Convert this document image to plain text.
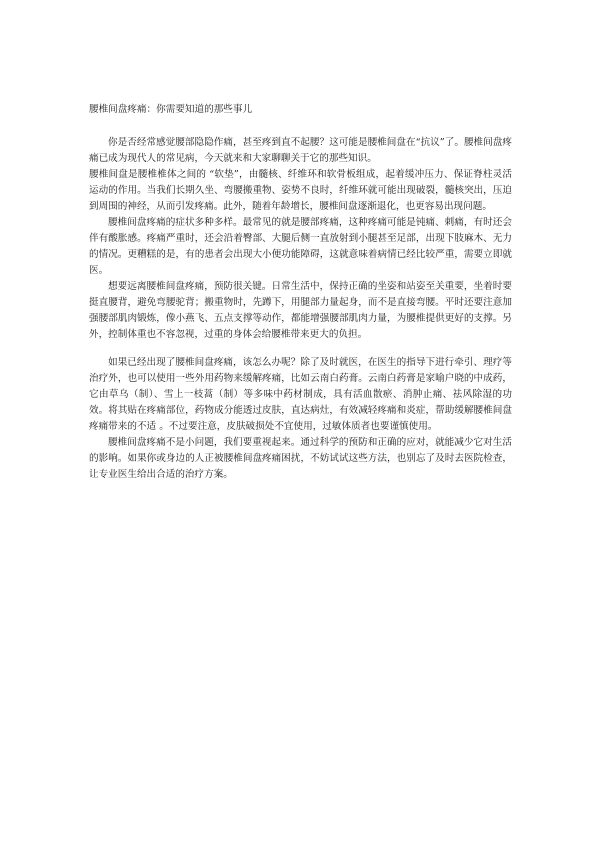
腰椎间盘疼痛：你需要知道的那些事儿

你是否经常感觉腰部隐隐作痛，甚至疼到直不起腰？这可能是腰椎间盘在“抗议”了。腰椎间盘疼痛已成为现代人的常见病，今天就来和大家聊聊关于它的那些知识。

腰椎间盘是腰椎椎体之间的 “软垫”，由髓核、纤维环和软骨板组成，起着缓冲压力、保证脊柱灵活运动的作用。当我们长期久坐、弯腰搬重物、姿势不良时，纤维环就可能出现破裂，髓核突出，压迫到周围的神经，从而引发疼痛。此外，随着年龄增长，腰椎间盘逐渐退化，也更容易出现问题。

腰椎间盘疼痛的症状多种多样。最常见的就是腰部疼痛，这种疼痛可能是钝痛、刺痛，有时还会伴有酸胀感。疼痛严重时，还会沿着臀部、大腿后侧一直放射到小腿甚至足部，出现下肢麻木、无力的情况。更糟糕的是，有的患者会出现大小便功能障碍，这就意味着病情已经比较严重，需要立即就医。

想要远离腰椎间盘疼痛，预防很关键。日常生活中，保持正确的坐姿和站姿至关重要，坐着时要挺直腰背，避免弯腰驼背；搬重物时，先蹲下，用腿部力量起身，而不是直接弯腰。平时还要注意加强腰部肌肉锻炼，像小燕飞、五点支撑等动作，都能增强腰部肌肉力量，为腰椎提供更好的支撑。另外，控制体重也不容忽视，过重的身体会给腰椎带来更大的负担。

如果已经出现了腰椎间盘疼痛，该怎么办呢？除了及时就医，在医生的指导下进行牵引、理疗等治疗外，也可以使用一些外用药物来缓解疼痛，比如云南白药膏。云南白药膏是家喻户晓的中成药，它由草乌（制）、雪上一枝蒿（制）等多味中药材制成，具有活血散瘀、消肿止痛、祛风除湿的功效。将其贴在疼痛部位，药物成分能透过皮肤，直达病灶，有效减轻疼痛和炎症，帮助缓解腰椎间盘疼痛带来的不适 。不过要注意，皮肤破损处不宜使用，过敏体质者也要谨慎使用。

腰椎间盘疼痛不是小问题，我们要重视起来。通过科学的预防和正确的应对，就能减少它对生活的影响。如果你或身边的人正被腰椎间盘疼痛困扰，不妨试试这些方法，也别忘了及时去医院检查，让专业医生给出合适的治疗方案。
